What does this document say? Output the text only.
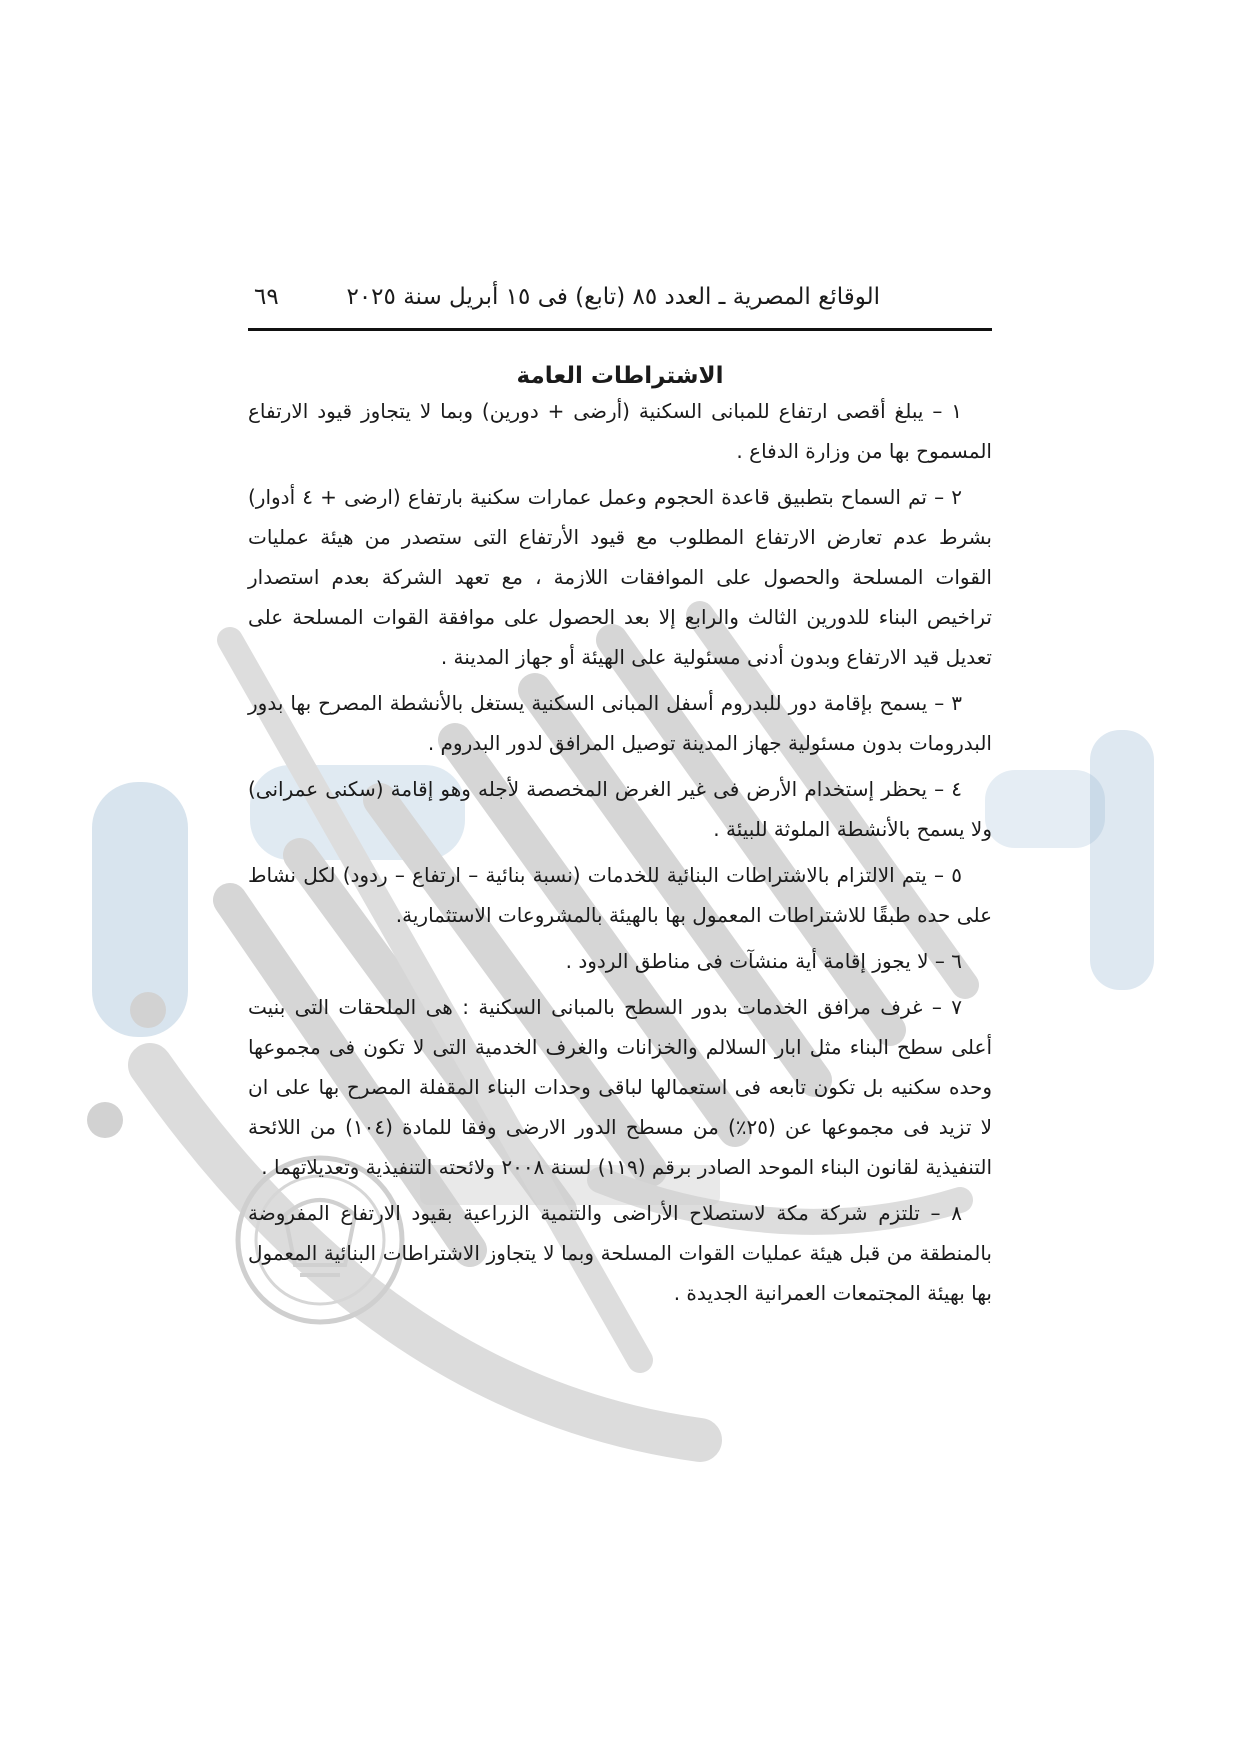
الوقائع المصرية ـ العدد ٨٥ (تابع) فى ١٥ أبريل سنة ٢٠٢٥
٦٩
الاشتراطات العامة

١ – يبلغ أقصى ارتفاع للمبانى السكنية (أرضى + دورين) وبما لا يتجاوز قيود الارتفاع المسموح بها من وزارة الدفاع .

٢ – تم السماح بتطبيق قاعدة الحجوم وعمل عمارات سكنية بارتفاع (ارضى + ٤ أدوار) بشرط عدم تعارض الارتفاع المطلوب مع قيود الأرتفاع التى ستصدر من هيئة عمليات القوات المسلحة والحصول على الموافقات اللازمة ، مع تعهد الشركة بعدم استصدار تراخيص البناء للدورين الثالث والرابع إلا بعد الحصول على موافقة القوات المسلحة على تعديل قيد الارتفاع وبدون أدنى مسئولية على الهيئة أو جهاز المدينة .

٣ – يسمح بإقامة دور للبدروم أسفل المبانى السكنية يستغل بالأنشطة المصرح بها بدور البدرومات بدون مسئولية جهاز المدينة توصيل المرافق لدور البدروم .

٤ – يحظر إستخدام الأرض فى غير الغرض المخصصة لأجله وهو إقامة (سكنى عمرانى) ولا يسمح بالأنشطة الملوثة للبيئة .

٥ – يتم الالتزام بالاشتراطات البنائية للخدمات (نسبة بنائية – ارتفاع – ردود) لكل نشاط على حده طبقًا للاشتراطات المعمول بها بالهيئة بالمشروعات الاستثمارية.

٦ – لا يجوز إقامة أية منشآت فى مناطق الردود .

٧ – غرف مرافق الخدمات بدور السطح بالمبانى السكنية : هى الملحقات التى بنيت أعلى سطح البناء مثل ابار السلالم والخزانات والغرف الخدمية التى لا تكون فى مجموعها وحده سكنيه بل تكون تابعه فى استعمالها لباقى وحدات البناء المقفلة المصرح بها على ان لا تزيد فى مجموعها عن (٢٥٪) من مسطح الدور الارضى وفقا للمادة (١٠٤) من اللائحة التنفيذية لقانون البناء الموحد الصادر برقم (١١٩) لسنة ٢٠٠٨ ولائحته التنفيذية وتعديلاتهما .

٨ – تلتزم شركة مكة لاستصلاح الأراضى والتنمية الزراعية بقيود الارتفاع المفروضة بالمنطقة من قبل هيئة عمليات القوات المسلحة وبما لا يتجاوز الاشتراطات البنائية المعمول بها بهيئة المجتمعات العمرانية الجديدة .
